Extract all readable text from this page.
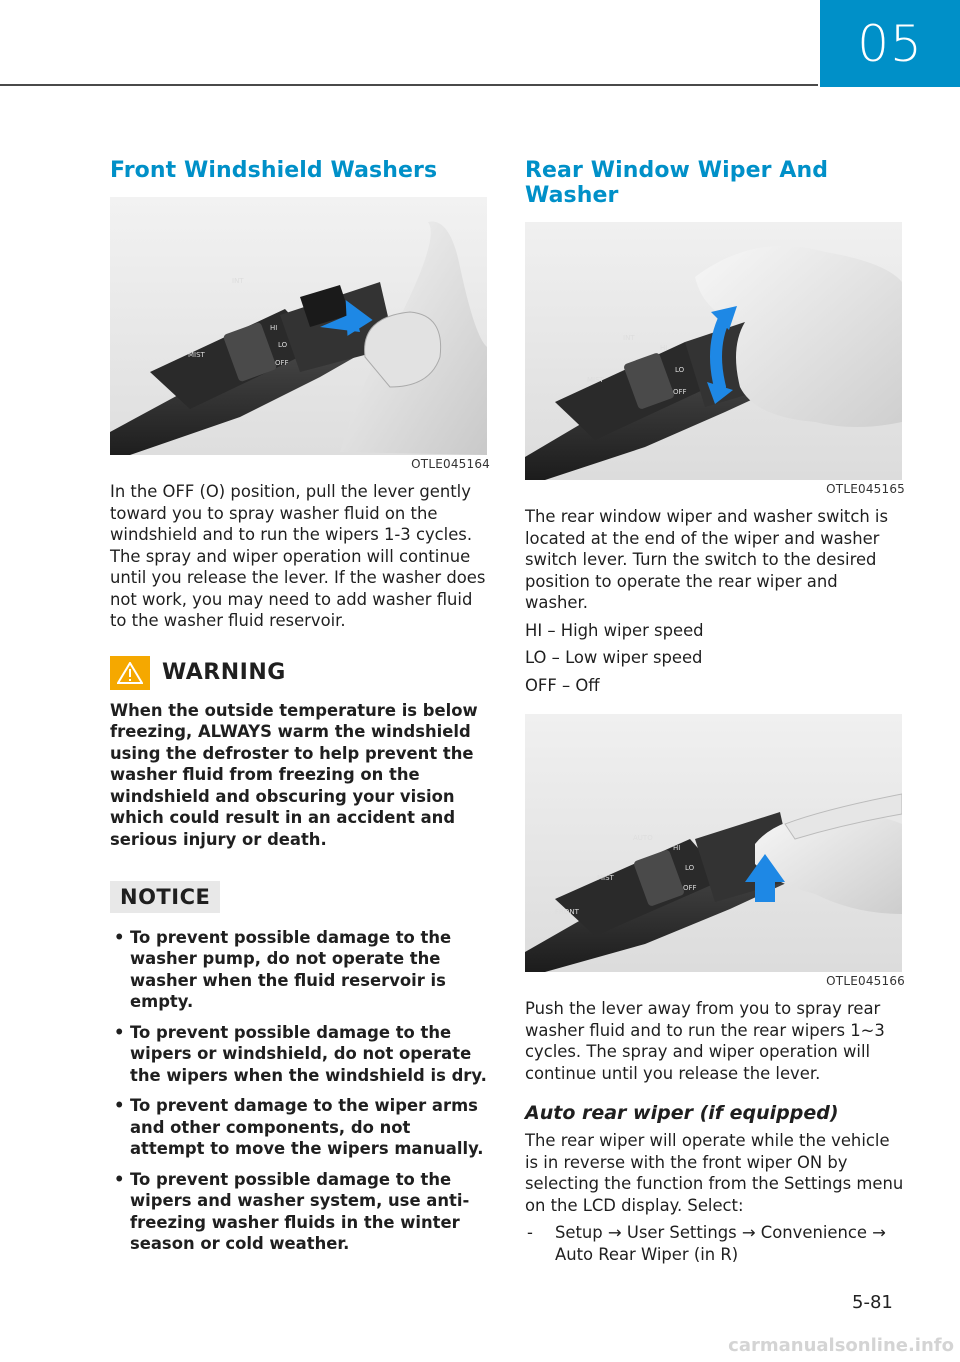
05
Front Windshield Washers
INT
HI
LO
OFF
MIST
OTLE045164

In the OFF (O) position, pull the lever gently toward you to spray washer fluid on the windshield and to run the wipers 1-3 cycles. The spray and wiper operation will continue until you release the lever. If the washer does not work, you may need to add washer fluid to the washer fluid reservoir.

WARNING
When the outside temperature is below freezing, ALWAYS warm the windshield using the defroster to help prevent the washer fluid from freezing on the windshield and obscuring your vision which could result in an accident and serious injury or death.
NOTICE
• To prevent possible damage to the washer pump, do not operate the washer when the fluid reservoir is empty.
• To prevent possible damage to the wipers or windshield, do not operate the wipers when the windshield is dry.
• To prevent damage to the wiper arms and other components, do not attempt to move the wipers manually.
• To prevent possible damage to the wipers and washer system, use anti-freezing washer fluids in the winter season or cold weather.
Rear Window Wiper And Washer
INT
HI
LO
OFF
MIST
OTLE045165

The rear window wiper and washer switch is located at the end of the wiper and washer switch lever. Turn the switch to the desired position to operate the rear wiper and washer.

HI – High wiper speed

LO – Low wiper speed

OFF – Off

AUTO
HI
LO
OFF
MIST
FRONT
OTLE045166

Push the lever away from you to spray rear washer fluid and to run the rear wipers 1~3 cycles. The spray and wiper operation will continue until you release the lever.

Auto rear wiper (if equipped)

The rear wiper will operate while the vehicle is in reverse with the front wiper ON by selecting the function from the Settings menu on the LCD display. Select:

- Setup → User Settings → Convenience → Auto Rear Wiper (in R)
5-81
carmanualsonline.info
